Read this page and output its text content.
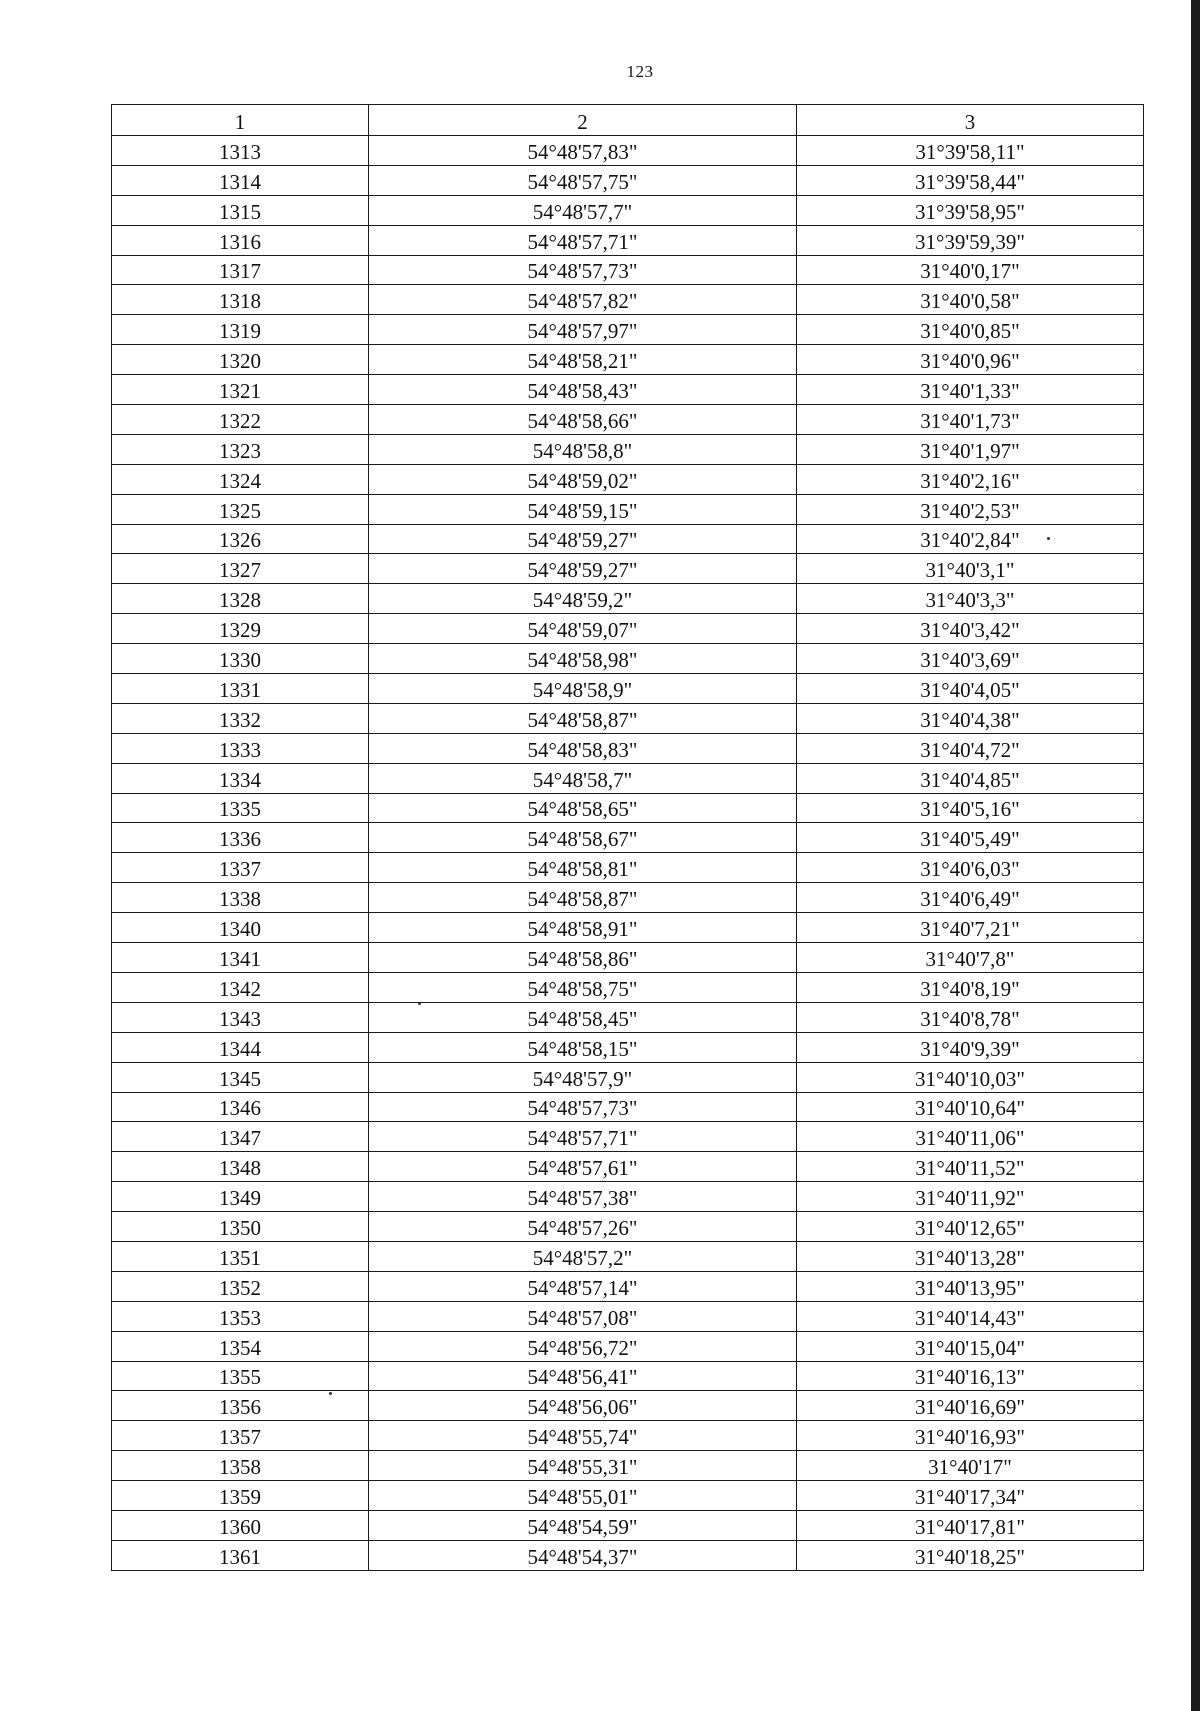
123
1	2	3
1313	54°48'57,83"	31°39'58,11"
1314	54°48'57,75"	31°39'58,44"
1315	54°48'57,7"	31°39'58,95"
1316	54°48'57,71"	31°39'59,39"
1317	54°48'57,73"	31°40'0,17"
1318	54°48'57,82"	31°40'0,58"
1319	54°48'57,97"	31°40'0,85"
1320	54°48'58,21"	31°40'0,96"
1321	54°48'58,43"	31°40'1,33"
1322	54°48'58,66"	31°40'1,73"
1323	54°48'58,8"	31°40'1,97"
1324	54°48'59,02"	31°40'2,16"
1325	54°48'59,15"	31°40'2,53"
1326	54°48'59,27"	31°40'2,84"
1327	54°48'59,27"	31°40'3,1"
1328	54°48'59,2"	31°40'3,3"
1329	54°48'59,07"	31°40'3,42"
1330	54°48'58,98"	31°40'3,69"
1331	54°48'58,9"	31°40'4,05"
1332	54°48'58,87"	31°40'4,38"
1333	54°48'58,83"	31°40'4,72"
1334	54°48'58,7"	31°40'4,85"
1335	54°48'58,65"	31°40'5,16"
1336	54°48'58,67"	31°40'5,49"
1337	54°48'58,81"	31°40'6,03"
1338	54°48'58,87"	31°40'6,49"
1340	54°48'58,91"	31°40'7,21"
1341	54°48'58,86"	31°40'7,8"
1342	54°48'58,75"	31°40'8,19"
1343	54°48'58,45"	31°40'8,78"
1344	54°48'58,15"	31°40'9,39"
1345	54°48'57,9"	31°40'10,03"
1346	54°48'57,73"	31°40'10,64"
1347	54°48'57,71"	31°40'11,06"
1348	54°48'57,61"	31°40'11,52"
1349	54°48'57,38"	31°40'11,92"
1350	54°48'57,26"	31°40'12,65"
1351	54°48'57,2"	31°40'13,28"
1352	54°48'57,14"	31°40'13,95"
1353	54°48'57,08"	31°40'14,43"
1354	54°48'56,72"	31°40'15,04"
1355	54°48'56,41"	31°40'16,13"
1356	54°48'56,06"	31°40'16,69"
1357	54°48'55,74"	31°40'16,93"
1358	54°48'55,31"	31°40'17"
1359	54°48'55,01"	31°40'17,34"
1360	54°48'54,59"	31°40'17,81"
1361	54°48'54,37"	31°40'18,25"
